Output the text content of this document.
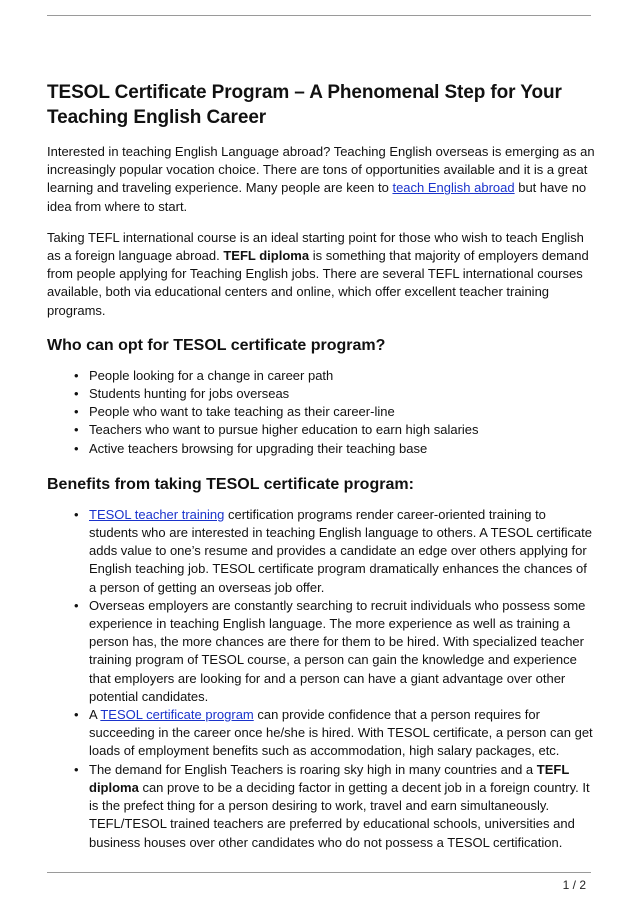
TESOL Certificate Program – A Phenomenal Step for Your Teaching English Career

Interested in teaching English Language abroad? Teaching English overseas is emerging as an increasingly popular vocation choice. There are tons of opportunities available and it is a great learning and traveling experience. Many people are keen to teach English abroad but have no idea from where to start.

Taking TEFL international course is an ideal starting point for those who wish to teach English as a foreign language abroad. TEFL diploma is something that majority of employers demand from people applying for Teaching English jobs. There are several TEFL international courses available, both via educational centers and online, which offer excellent teacher training programs.

Who can opt for TESOL certificate program?
• People looking for a change in career path
• Students hunting for jobs overseas
• People who want to take teaching as their career-line
• Teachers who want to pursue higher education to earn high salaries
• Active teachers browsing for upgrading their teaching base
Benefits from taking TESOL certificate program:
• TESOL teacher training certification programs render career-oriented training to students who are interested in teaching English language to others. A TESOL certificate adds value to one’s resume and provides a candidate an edge over others applying for English teaching job. TESOL certificate program dramatically enhances the chances of a person of getting an overseas job offer.
• Overseas employers are constantly searching to recruit individuals who possess some experience in teaching English language. The more experience as well as training a person has, the more chances are there for them to be hired. With specialized teacher training program of TESOL course, a person can gain the knowledge and experience that employers are looking for and a person can have a giant advantage over other potential candidates.
• A TESOL certificate program can provide confidence that a person requires for succeeding in the career once he/she is hired. With TESOL certificate, a person can get loads of employment benefits such as accommodation, high salary packages, etc.
• The demand for English Teachers is roaring sky high in many countries and a TEFL diploma can prove to be a deciding factor in getting a decent job in a foreign country. It is the prefect thing for a person desiring to work, travel and earn simultaneously. TEFL/TESOL trained teachers are preferred by educational schools, universities and business houses over other candidates who do not possess a TESOL certification.
1 / 2
